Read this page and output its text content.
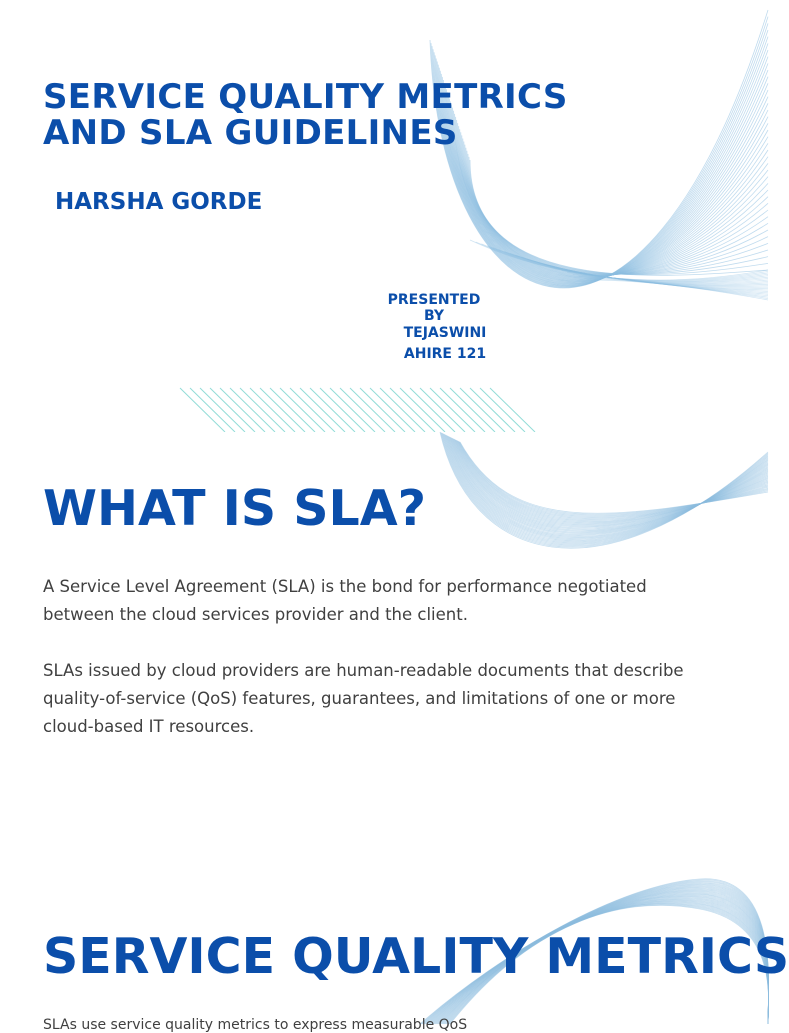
SERVICE QUALITY METRICS AND SLA GUIDELINES
HARSHA GORDE
PRESENTED BY
TEJASWINI AHIRE 121
WHAT IS SLA?

A Service Level Agreement (SLA) is the bond for performance negotiated between the cloud services provider and the client.

SLAs issued by cloud providers are human-readable documents that describe quality-of-service (QoS) features, guarantees, and limitations of one or more cloud-based IT resources.

SERVICE QUALITY METRICS

SLAs use service quality metrics to express measurable QoS
